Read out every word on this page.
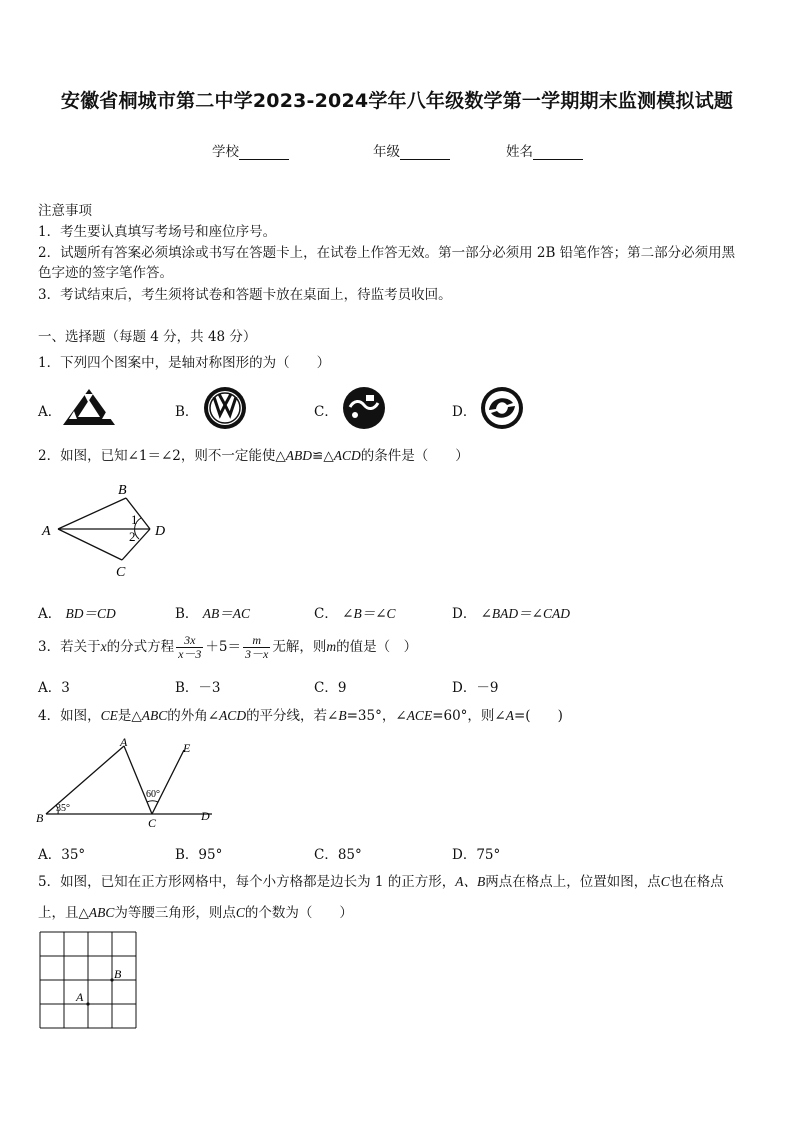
安徽省桐城市第二中学2023-2024学年八年级数学第一学期期末监测模拟试题
学校	年级	姓名
注意事项
1．考生要认真填写考场号和座位序号。
2．试题所有答案必须填涂或书写在答题卡上，在试卷上作答无效。第一部分必须用 2B 铅笔作答；第二部分必须用黑
色字迹的签字笔作答。
3．考试结束后，考生须将试卷和答题卡放在桌面上，待监考员收回。
一、选择题（每题 4 分，共 48 分）
1．下列四个图案中，是轴对称图形的为（　　）
A．	B．	C．	D．
2．如图，已知∠1＝∠2，则不一定能使△ABD≌△ACD的条件是（　　）
B
A	D
C
1
2
A． BD＝CD	B． AB＝AC	C． ∠B＝∠C	D． ∠BAD＝∠CAD
3．若关于x的分式方程 $\frac{3x}{x-3} +5= \frac{m}{3-x}$ 无解，则m的值是（　）
A．3	B．－3	C．9	D．－9
4．如图，CE是△ABC的外角∠ACD的平分线，若∠B=35°，∠ACE=60°，则∠A=(　　)
A	E
B	C	D
35°
60°
A．35°	B．95°	C．85°	D．75°
5．如图，已知在正方形网格中，每个小方格都是边长为 1 的正方形，A、B两点在格点上，位置如图，点C也在格点
上，且△ABC为等腰三角形，则点C的个数为（　　）
A
B
